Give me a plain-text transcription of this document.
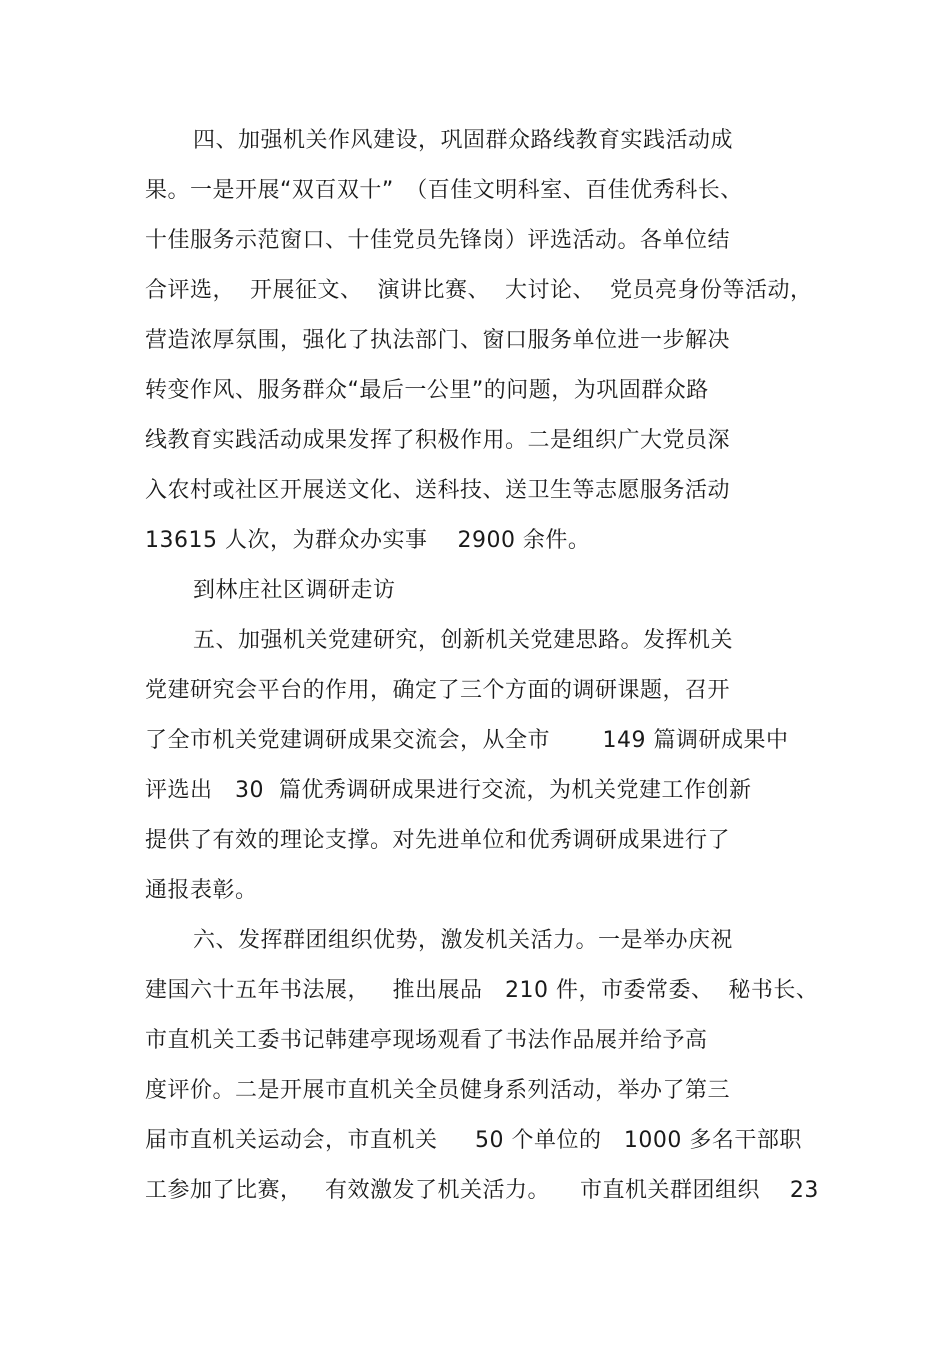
四、加强机关作风建设，巩固群众路线教育实践活动成
果。一是开展“双百双十”　（百佳文明科室、百佳优秀科长、
十佳服务示范窗口、十佳党员先锋岗）评选活动。各单位结
合评选，  开展征文、  演讲比赛、  大讨论、  党员亮身份等活动，
营造浓厚氛围，强化了执法部门、窗口服务单位进一步解决
转变作风、服务群众“最后一公里”的问题，为巩固群众路
线教育实践活动成果发挥了积极作用。二是组织广大党员深
入农村或社区开展送文化、送科技、送卫生等志愿服务活动
13615 人次，为群众办实事    2900 余件。
到林庄社区调研走访
五、加强机关党建研究，创新机关党建思路。发挥机关
党建研究会平台的作用，确定了三个方面的调研课题，召开
了全市机关党建调研成果交流会，从全市       149 篇调研成果中
评选出   30  篇优秀调研成果进行交流，为机关党建工作创新
提供了有效的理论支撑。对先进单位和优秀调研成果进行了
通报表彰。
六、发挥群团组织优势，激发机关活力。一是举办庆祝
建国六十五年书法展，   推出展品   210 件，市委常委、  秘书长、
市直机关工委书记韩建亭现场观看了书法作品展并给予高
度评价。二是开展市直机关全员健身系列活动，举办了第三
届市直机关运动会，市直机关     50 个单位的   1000 多名干部职
工参加了比赛，   有效激发了机关活力。    市直机关群团组织    23
